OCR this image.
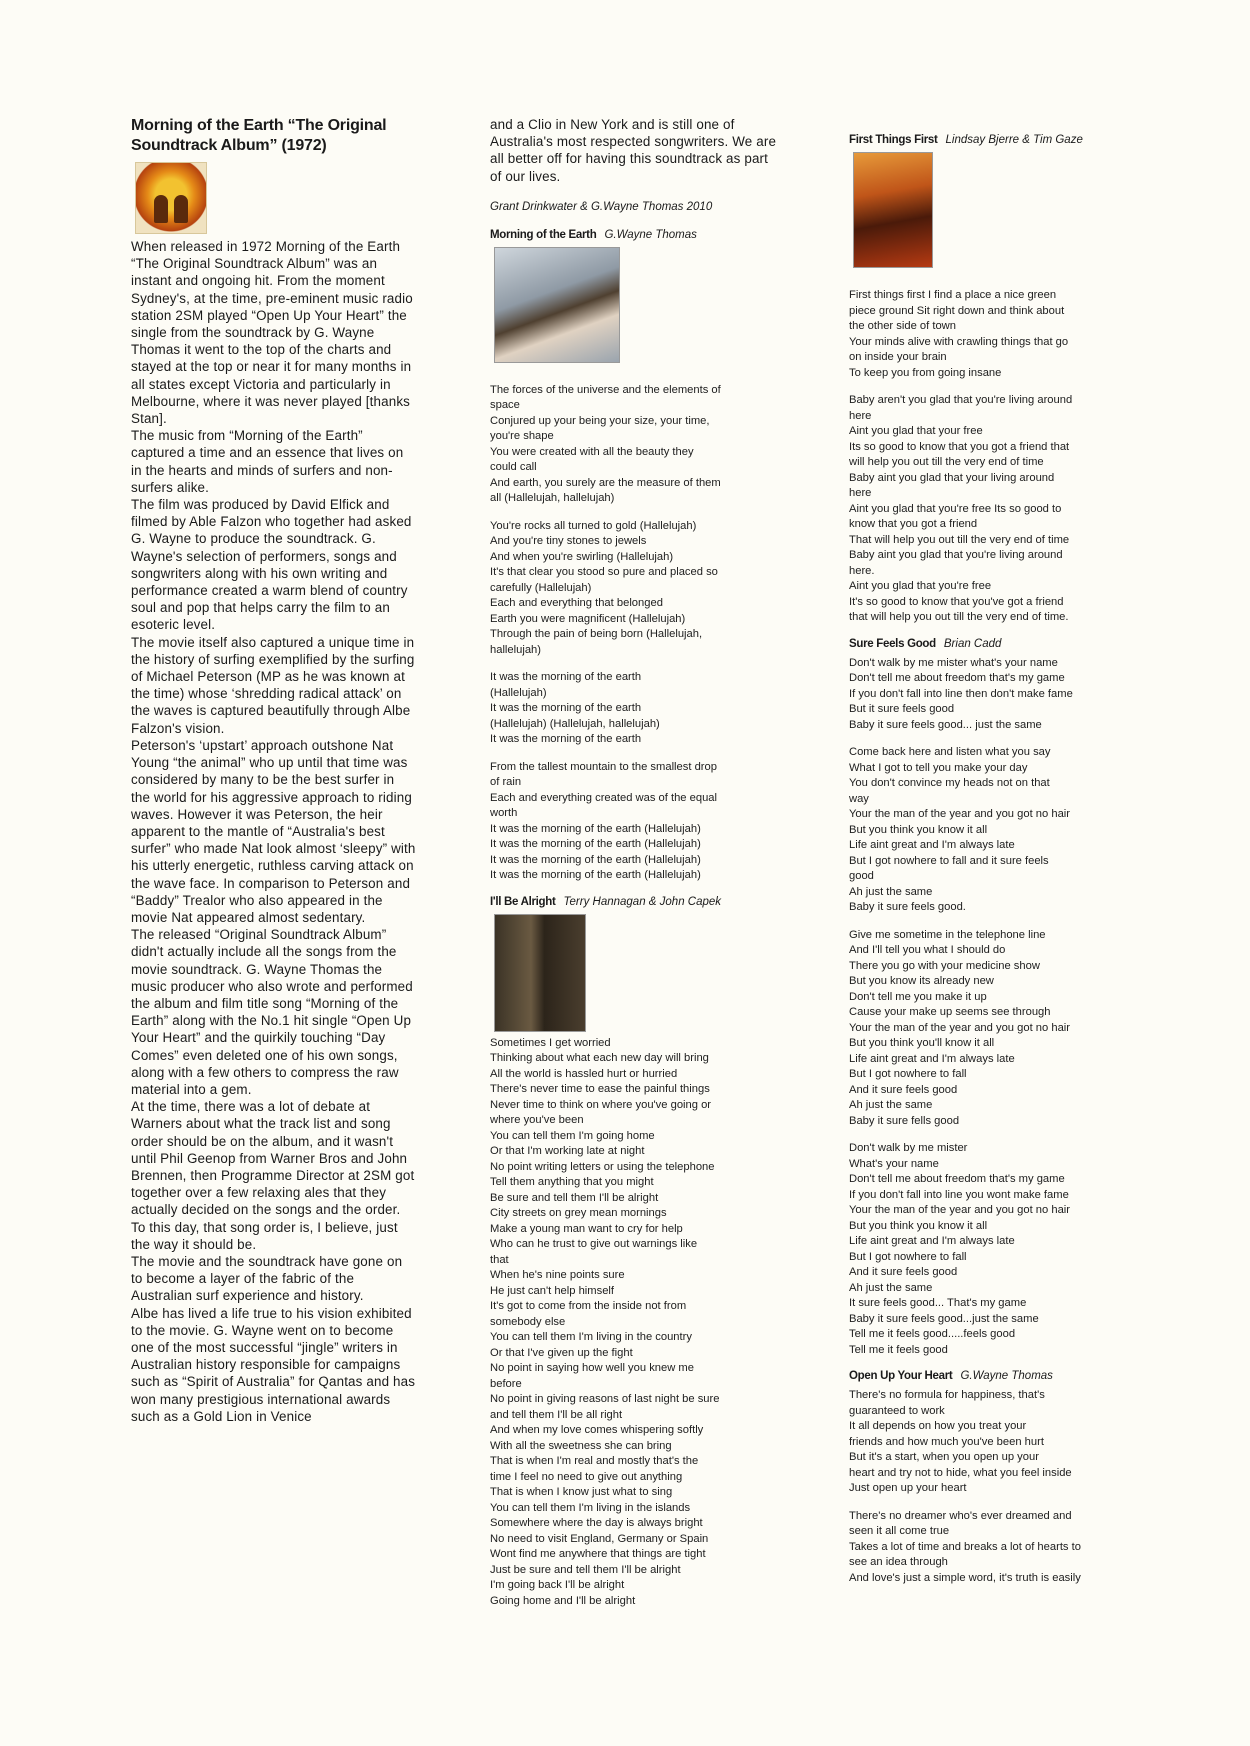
Morning of the Earth “The Original
Soundtrack Album” (1972)

When released in 1972 Morning of the Earth “The Original Soundtrack Album” was an instant and ongoing hit. From the moment Sydney's, at the time, pre-eminent music radio station 2SM played “Open Up Your Heart” the single from the soundtrack by G. Wayne Thomas it went to the top of the charts and stayed at the top or near it for many months in all states except Victoria and particularly in Melbourne, where it was never played [thanks Stan].

The music from “Morning of the Earth” captured a time and an essence that lives on in the hearts and minds of surfers and non-surfers alike.

The film was produced by David Elfick and filmed by Able Falzon who together had asked G. Wayne to produce the soundtrack. G. Wayne's selection of performers, songs and songwriters along with his own writing and performance created a warm blend of country soul and pop that helps carry the film to an esoteric level.

The movie itself also captured a unique time in the history of surfing exemplified by the surfing of Michael Peterson (MP as he was known at the time) whose ‘shredding radical attack’ on the waves is captured beautifully through Albe Falzon's vision.

Peterson's ‘upstart’ approach outshone Nat Young “the animal” who up until that time was considered by many to be the best surfer in the world for his aggressive approach to riding waves. However it was Peterson, the heir apparent to the mantle of “Australia's best surfer” who made Nat look almost ‘sleepy” with his utterly energetic, ruthless carving attack on the wave face. In comparison to Peterson and “Baddy” Trealor who also appeared in the movie Nat appeared almost sedentary.

The released “Original Soundtrack Album” didn't actually include all the songs from the movie soundtrack. G. Wayne Thomas the music producer who also wrote and performed the album and film title song “Morning of the Earth” along with the No.1 hit single “Open Up Your Heart” and the quirkily touching “Day Comes” even deleted one of his own songs, along with a few others to compress the raw material into a gem.

At the time, there was a lot of debate at Warners about what the track list and song order should be on the album, and it wasn't until Phil Geenop from Warner Bros and John Brennen, then Programme Director at 2SM got together over a few relaxing ales that they actually decided on the songs and the order. To this day, that song order is, I believe, just the way it should be.

The movie and the soundtrack have gone on to become a layer of the fabric of the Australian surf experience and history.

Albe has lived a life true to his vision exhibited to the movie. G. Wayne went on to become one of the most successful “jingle” writers in Australian history responsible for campaigns such as “Spirit of Australia” for Qantas and has won many prestigious international awards such as a Gold Lion in Venice

and a Clio in New York and is still one of Australia's most respected songwriters. We are all better off for having this soundtrack as part of our lives.

Grant Drinkwater & G.Wayne Thomas 2010
Morning of the Earth G.Wayne Thomas
The forces of the universe and the elements of
space
Conjured up your being your size, your time,
you're shape
You were created with all the beauty they
could call
And earth, you surely are the measure of them
all (Hallelujah, hallelujah)
You're rocks all turned to gold (Hallelujah)
And you're tiny stones to jewels
And when you're swirling (Hallelujah)
It's that clear you stood so pure and placed so
carefully (Hallelujah)
Each and everything that belonged
Earth you were magnificent (Hallelujah)
Through the pain of being born (Hallelujah,
hallelujah)
It was the morning of the earth
(Hallelujah)
It was the morning of the earth
(Hallelujah) (Hallelujah, hallelujah)
It was the morning of the earth
From the tallest mountain to the smallest drop
of rain
Each and everything created was of the equal
worth
It was the morning of the earth (Hallelujah)
It was the morning of the earth (Hallelujah)
It was the morning of the earth (Hallelujah)
It was the morning of the earth (Hallelujah)
I'll Be Alright Terry Hannagan & John Capek
Sometimes I get worried
Thinking about what each new day will bring
All the world is hassled hurt or hurried
There's never time to ease the painful things
Never time to think on where you've going or
where you've been
You can tell them I'm going home
Or that I'm working late at night
No point writing letters or using the telephone
Tell them anything that you might
Be sure and tell them I'll be alright
City streets on grey mean mornings
Make a young man want to cry for help
Who can he trust to give out warnings like
that
When he's nine points sure
He just can't help himself
It's got to come from the inside not from
somebody else
You can tell them I'm living in the country
Or that I've given up the fight
No point in saying how well you knew me
before
No point in giving reasons of last night be sure
and tell them I'll be all right
And when my love comes whispering softly
With all the sweetness she can bring
That is when I'm real and mostly that's the
time I feel no need to give out anything
That is when I know just what to sing
You can tell them I'm living in the islands
Somewhere where the day is always bright
No need to visit England, Germany or Spain
Wont find me anywhere that things are tight
Just be sure and tell them I'll be alright
I'm going back I'll be alright
Going home and I'll be alright
First Things First Lindsay Bjerre & Tim Gaze
First things first I find a place a nice green
piece ground Sit right down and think about
the other side of town
Your minds alive with crawling things that go
on inside your brain
To keep you from going insane
Baby aren't you glad that you're living around
here
Aint you glad that your free
Its so good to know that you got a friend that
will help you out till the very end of time
Baby aint you glad that your living around
here
Aint you glad that you're free Its so good to
know that you got a friend
That will help you out till the very end of time
Baby aint you glad that you're living around
here.
Aint you glad that you're free
It's so good to know that you've got a friend
that will help you out till the very end of time.
Sure Feels Good Brian Cadd
Don't walk by me mister what's your name
Don't tell me about freedom that's my game
If you don't fall into line then don't make fame
But it sure feels good
Baby it sure feels good... just the same
Come back here and listen what you say
What I got to tell you make your day
You don't convince my heads not on that
way
Your the man of the year and you got no hair
But you think you know it all
Life aint great and I'm always late
But I got nowhere to fall and it sure feels
good
Ah just the same
Baby it sure feels good.
Give me sometime in the telephone line
And I'll tell you what I should do
There you go with your medicine show
But you know its already new
Don't tell me you make it up
Cause your make up seems see through
Your the man of the year and you got no hair
But you think you'll know it all
Life aint great and I'm always late
But I got nowhere to fall
And it sure feels good
Ah just the same
Baby it sure fells good
Don't walk by me mister
What's your name
Don't tell me about freedom that's my game
If you don't fall into line you wont make fame
Your the man of the year and you got no hair
But you think you know it all
Life aint great and I'm always late
But I got nowhere to fall
And it sure feels good
Ah just the same
It sure feels good... That's my game
Baby it sure feels good...just the same
Tell me it feels good.....feels good
Tell me it feels good
Open Up Your Heart G.Wayne Thomas
There's no formula for happiness, that's
guaranteed to work
It all depends on how you treat your
friends and how much you've been hurt
But it's a start, when you open up your
heart and try not to hide, what you feel inside
Just open up your heart
There's no dreamer who's ever dreamed and
seen it all come true
Takes a lot of time and breaks a lot of hearts to
see an idea through
And love's just a simple word, it's truth is easily
